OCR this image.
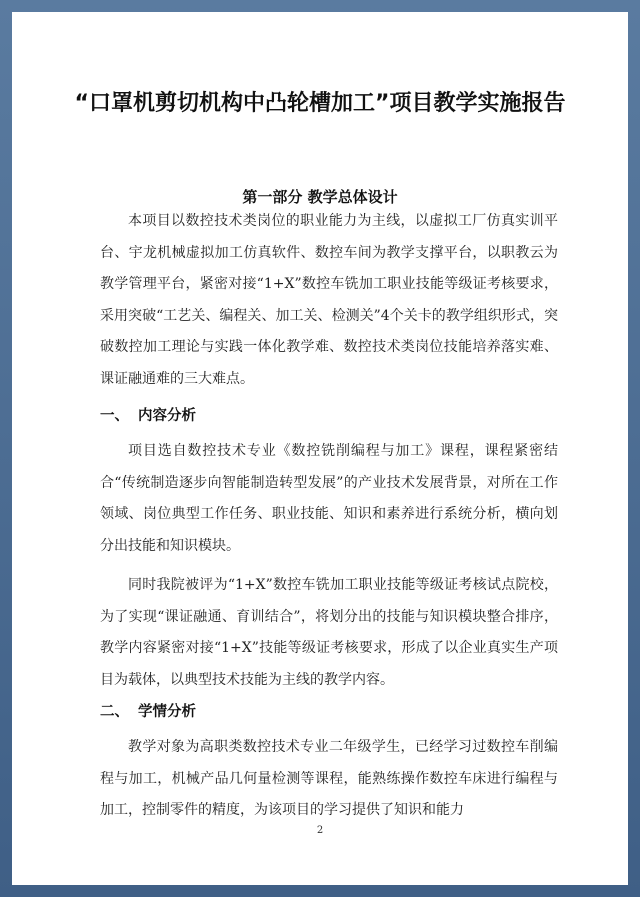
“口罩机剪切机构中凸轮槽加工”项目教学实施报告
第一部分 教学总体设计

本项目以数控技术类岗位的职业能力为主线，以虚拟工厂仿真实训平台、宇龙机械虚拟加工仿真软件、数控车间为教学支撑平台，以职教云为教学管理平台，紧密对接“1+X”数控车铣加工职业技能等级证考核要求，采用突破“工艺关、编程关、加工关、检测关”4个关卡的教学组织形式，突破数控加工理论与实践一体化教学难、数控技术类岗位技能培养落实难、课证融通难的三大难点。

一、 内容分析

项目选自数控技术专业《数控铣削编程与加工》课程，课程紧密结合“传统制造逐步向智能制造转型发展”的产业技术发展背景，对所在工作领域、岗位典型工作任务、职业技能、知识和素养进行系统分析，横向划分出技能和知识模块。

同时我院被评为“1+X”数控车铣加工职业技能等级证考核试点院校，为了实现“课证融通、育训结合”，将划分出的技能与知识模块整合排序，教学内容紧密对接“1+X”技能等级证考核要求，形成了以企业真实生产项目为载体，以典型技术技能为主线的教学内容。

二、 学情分析

教学对象为高职类数控技术专业二年级学生，已经学习过数控车削编程与加工，机械产品几何量检测等课程，能熟练操作数控车床进行编程与加工，控制零件的精度，为该项目的学习提供了知识和能力

2
